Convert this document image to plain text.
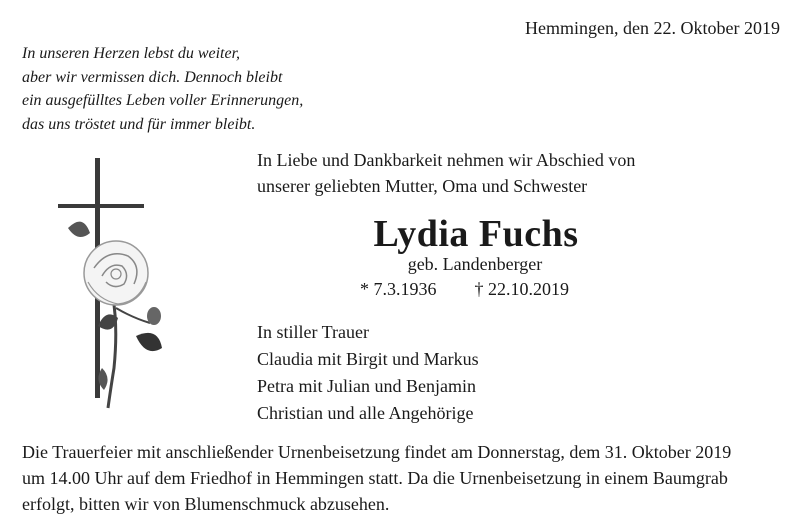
Hemmingen, den 22. Oktober 2019
In unseren Herzen lebst du weiter,
aber wir vermissen dich. Dennoch bleibt
ein ausgefülltes Leben voller Erinnerungen,
das uns tröstet und für immer bleibt.
In Liebe und Dankbarkeit nehmen wir Abschied von
unserer geliebten Mutter, Oma und Schwester
Lydia Fuchs
geb. Landenberger
* 7.3.1936 † 22.10.2019
In stiller Trauer
Claudia mit Birgit und Markus
Petra mit Julian und Benjamin
Christian und alle Angehörige
Die Trauerfeier mit anschließender Urnenbeisetzung findet am Donnerstag, dem 31. Oktober 2019
um 14.00 Uhr auf dem Friedhof in Hemmingen statt. Da die Urnenbeisetzung in einem Baumgrab
erfolgt, bitten wir von Blumenschmuck abzusehen.
